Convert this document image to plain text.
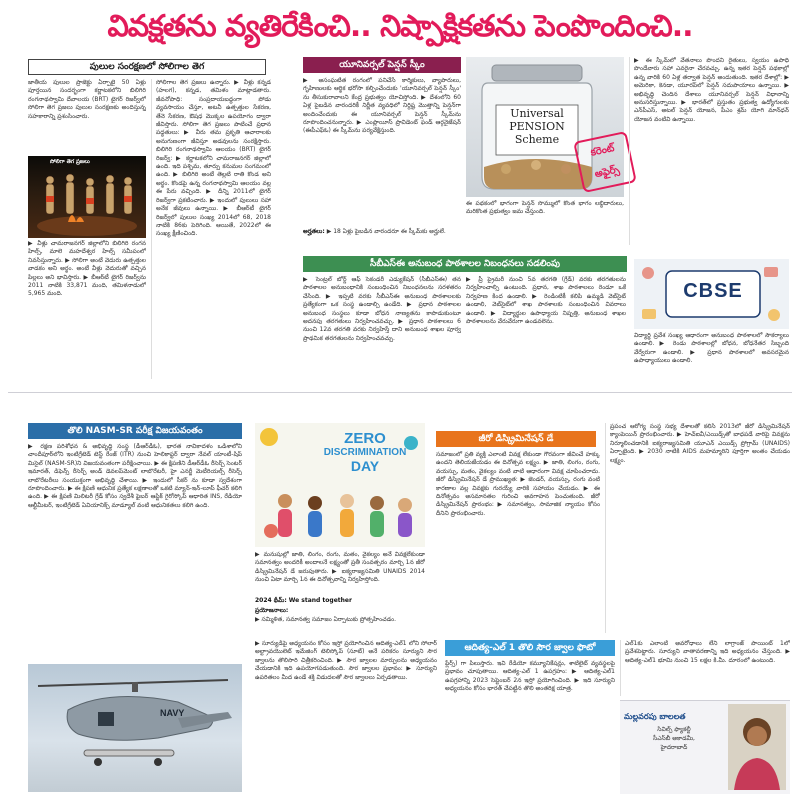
వివక్షతను వ్యతిరేకించి.. నిష్పాక్షికతను పెంపొందించి..
పులుల సంరక్షణలో సోలిగాల తెగ
జాతీయ పులుల ప్రాజెక్టు ఏర్పాటై 50 ఏళ్లు పూర్తయిన సందర్భంగా కర్ణాటకలోని బిలిగిరి రంగనాథస్వామి దేవాలయ (BRT) టైగర్ రిజర్వ్‌లో సోలిగా తెగ ప్రజలు పులుల సంరక్షణకు అందిస్తున్న సహకారాన్ని ప్రశంసించారు.
సోలిగా తెగ ప్రజలు
▶ వీళ్లు చామరాజనగర్ జిల్లాలోని బిలిగిరి రంగన హిల్స్, మాలె మహదేశ్వర హిల్స్ సమీపంలో నివసిస్తున్నారు. ▶ సోలిగా అంటే వెదురు ఉత్పత్తుల వాడకం అని అర్థం. అంటే వీళ్లు వెదురుతో వచ్చిన పిల్లలు అని భావిస్తారు. ▶ బీఆర్‌టీ టైగర్ రిజర్వ్‌ను 2011 నాటికి 33,871 మంది, తమిళనాడులో 5,965 మంది.
సోలిగాల తెగ ప్రజలు ఉన్నారు. ▶ వీళ్లు కన్నడ (హలగ), కన్నడ, తమిళం మాట్లాడతారు. జీవనోపాధి: సంప్రదాయబద్ధంగా పోడు వ్యవసాయం చేస్తూ, అటవీ ఉత్పత్తుల సేకరణ, తేనె సేకరణ, ఔషధ మొక్కల ఉపయోగం ద్వారా జీవిస్తారు. సోలిగా తెగ ప్రజలు పాటించే ప్రధాన పద్ధతులు: ▶ వీరు తమ ప్రకృతి ఆచారాలకు అనుగుణంగా జీవిస్తూ అడవులను సంరక్షిస్తారు. బిలిగిరి రంగనాథస్వామి ఆలయం (BRT) టైగర్ రిజర్వ్: ▶ కర్ణాటకలోని చామరాజనగర్ జిల్లాలో ఉంది. ఇది పశ్చిమ, తూర్పు కనుమల సంగమంలో ఉంది. ▶ బిలిగిరి అంటే తెల్లటి రాతి కొండ అని అర్థం. కొండపై ఉన్న రంగనాథస్వామి ఆలయం వల్ల ఈ పేరు వచ్చింది. ▶ దీన్ని 2011లో టైగర్ రిజర్వ్‌గా ప్రకటించారు. ▶ ఇందులో పులులు సహా అనేక జీవులు ఉన్నాయి. ▶ బీఆర్‌టీ టైగర్ రిజర్వ్‌లో పులుల సంఖ్య 2014లో 68, 2018 నాటికి 86కు పెరిగింది. ఆయితే, 2022లో ఈ సంఖ్య క్షీణించింది.
యూనివర్సల్ పెన్షన్ స్కీం
▶ అసంఘటిత రంగంలో పనిచేసే కార్మికులు, వ్యాపారులు, గృహిణులకు ఆర్థిక భరోసా కల్పించేందుకు 'యూనివర్సల్ పెన్షన్ స్కీం' ను తీసుకురావాలని కేంద్ర ప్రభుత్వం యోచిస్తోంది. ▶ దేశంలోని 60 ఏళ్ల పైబడిన వారందరికీ నిర్ణీత వ్యవధిలో నిర్దిష్ట మొత్తాన్ని పెన్షన్‌గా అందించేందుకు ఈ యూనివర్సల్ పెన్షన్ స్కీమ్‌ను రూపొందించనున్నారు. ▶ ఎంప్లాయీస్ ప్రావిడెంట్ ఫండ్ ఆర్గనైజేషన్ (ఈపీఎఫ్‌ఓ) ఈ స్కీమ్‌ను పర్యవేక్షిస్తుంది.
అర్హతలు: ▶ 18 ఏళ్లు పైబడిన వారందరూ ఈ స్కీమ్‌కు అర్హులే.
Universal PENSION Scheme
కరెంట్ అఫైర్స్
ఈ పథకంలో భాగంగా పెన్షన్ సొమ్ములో కొంత భాగం లబ్ధిదారులు, మరికొంత ప్రభుత్వం జమ చేస్తుంది.
▶ ఈ స్కీమ్‌లో వేతనాలు పొందని రైతులు, స్వయం ఉపాధి పొందేవారు సహా ఎవరైనా చేరవచ్చు. ఉన్న ఇతర పెన్షన్ పథకాల్లో ఉన్న వారికి 60 ఏళ్ల తర్వాత పెన్షన్ అందుతుంది. ఇతర దేశాల్లో: ▶ అమెరికా, కెనడా, యూరప్‌లో పెన్షన్ సదుపాయాలు ఉన్నాయి. ▶ అభివృద్ధి చెందిన దేశాలు యూనివర్సల్ పెన్షన్ విధానాన్ని అనుసరిస్తున్నాయి. ▶ భారత్‌లో ప్రస్తుతం ప్రభుత్వ ఉద్యోగులకు ఎన్‌పీఎస్, అటల్ పెన్షన్ యోజన, పీఎం శ్రమ్ యోగి మాన్‌ధన్ యోజన వంటివి ఉన్నాయి.
సీబీఎస్‌ఈ అనుబంధ పాఠశాలల నిబంధనలు సడలింపు
▶ సెంట్రల్ బోర్డ్ ఆఫ్ సెకండరీ ఎడ్యుకేషన్ (సీబీఎస్‌ఈ) తన పాఠశాలల అనుబంధానికి సంబంధించిన నిబంధనలను సరళతరం చేసింది. ▶ ఇప్పటి వరకు సీబీఎస్‌ఈ అనుబంధ పాఠశాలలకు ప్రత్యేకంగా ఒక సంస్థ ఉండాల్సి ఉండేది. ▶ ప్రధాన పాఠశాలల అనుబంధ సంస్థలు కూడా బోధన నాణ్యతను కాపాడుకుంటూ అదనపు తరగతులు నిర్వహించవచ్చు. ▶ ప్రధాన పాఠశాలలు 6 నుంచి 12వ తరగతి వరకు నిర్వహిస్తే దాని అనుబంధ శాఖల పూర్వ ప్రాథమిక తరగతులను నిర్వహించవచ్చు.
▶ ప్రీ ప్రైమరీ నుంచి 5వ తరగతి (గ్రేడ్) వరకు తరగతులను నిర్వహించాల్సి ఉంటుంది. ప్రధాన, శాఖ పాఠశాలలు రెండూ ఒకే నిర్వహణ కింద ఉండాలి. ▶ రెండింటికీ కలిపి ఉమ్మడి వెబ్‌సైట్ ఉండాలి, వెబ్‌సైట్‌లో శాఖ పాఠశాలకు సంబంధించిన వివరాలు ఉండాలి. ▶ విద్యార్థుల ఉపాధ్యాయ నిష్పత్తి, అనుబంధ శాఖల పాఠశాలలను వేరువేరుగా ఉండవలెను.
CBSE
విద్యార్థి ప్రవేశ సంఖ్య ఆధారంగా అనుబంధ పాఠశాలలో సౌకర్యాలు ఉండాలి. ▶ రెండు పాఠశాలల్లో బోధన, బోధనేతర సిబ్బంది వేర్వేరుగా ఉండాలి. ▶ ప్రధాన పాఠశాలలో అవసరమైన ఉపాధ్యాయులు ఉండాలి.
తొలి NASM-SR పరీక్ష విజయవంతం
▶ రక్షణ పరిశోధన & అభివృద్ధి సంస్థ (డీఆర్‌డీఓ), భారత నావికాదళం ఒడిశాలోని చాందీపూర్‌లోని ఇంటిగ్రేటెడ్ టెస్ట్ రేంజ్ (ITR) నుంచి హెలికాప్టర్ ద్వారా నేవల్ యాంటీ-షిప్ మిసైల్ (NASM-SR)ని విజయవంతంగా పరీక్షించాయి. ▶ ఈ క్షిపణిని డీఆర్‌డీఓ రీసెర్చ్ సెంటర్ ఇమారత్, డిఫెన్స్ రీసెర్చ్ అండ్ డెవలప్‌మెంట్ లాబొరేటరీ, హై ఎనర్జీ మెటీరియల్స్ రీసెర్చ్ లాబొరేటరీలు సంయుక్తంగా అభివృద్ధి చేశాయి. ▶ ఇందులో సీకర్ ను కూడా స్వదేశంగా రూపొందించారు. ▶ ఈ క్షిపణి ఆధునిక ప్రత్యేక లక్షణాలతో ఒకటి మ్యాన్-ఇన్-లూప్ ఫీచర్ కలిగి ఉంది. ▶ ఈ క్షిపణి మిలిటరీ గ్రేడ్ కోసం స్వదేశీ ఫైబర్ ఆప్టిక్ గైరోస్కోప్ ఆధారిత INS, రేడియో ఆల్టీమీటర్, ఇంటిగ్రేటెడ్ ఏవియానిక్స్ మాడ్యూల్ వంటి ఆధునికతలు కలిగి ఉంది.
NAVY
ZERO
DISCRIMINATION
DAY
▶ మనుషుల్లో జాతి, లింగం, రంగు, మతం, వైకల్యం అనే వివక్షలేకుండా సమానత్వం అందరికీ అందాలనే లక్ష్యంతో ప్రతీ సంవత్సరం మార్చి 1న జీరో డిస్క్రిమినేషన్ డే జరుపుతారు. ▶ ఐక్యరాజ్యసమితి UNAIDS 2014 నుంచి ఏటా మార్చి 1న ఈ దినోత్సవాన్ని నిర్వహిస్తోంది.
2024 థీమ్: We stand together
ప్రయోజనాలు:
▶ సమ్మిళిత, సమానత్వ సమాజం ఏర్పాటుకు ప్రోత్సహించడం.
జీరో డిస్క్రిమినేషన్ డే
సమాజంలో ప్రతి వ్యక్తి ఎలాంటి వివక్ష లేకుండా గౌరవంగా జీవించే హక్కు ఉందని తెలియజేయడం ఈ దినోత్సవ లక్ష్యం. ▶ జాతి, లింగం, రంగు, వయస్సు, మతం, వైకల్యం వంటి వాటి ఆధారంగా వివక్ష చూపించరాదు. జీరో డిస్క్రిమినేషన్ డే ప్రాముఖ్యత: ▶ జెండర్, వయస్సు, రంగు వంటి కారణాల వల్ల వివక్షకు గురయ్యే వారికి సహాయం చేయడం. ▶ ఈ దినోత్సవం అసమానతల గురించి అవగాహన పెంచుతుంది. జీరో డిస్క్రిమినేషన్ ప్రారంభం: ▶ సమానత్వం, సామాజిక న్యాయం కోసం దీనిని ప్రారంభించారు.
ప్రపంచ ఆరోగ్య సంస్థ సభ్య దేశాలతో కలిసి 2013లో జీరో డిస్క్రిమినేషన్ క్యాంపెయిన్ ప్రారంభించారు. ▶ హెచ్‌ఐవీ/ఎయిడ్స్‌తో బాధపడే వారిపై వివక్షను నిర్మూలించడానికి ఐక్యరాజ్యసమితి యూఎన్ ఎయిడ్స్ ప్రోగ్రామ్ (UNAIDS) ఏర్పాటైంది. ▶ 2030 నాటికి AIDS మహమ్మారిని పూర్తిగా అంతం చేయడం లక్ష్యం.
ఆదిత్య-ఎల్ 1 తొలి సౌర జ్వాల ఫొటో
▶ సూర్యుడిపై అధ్యయనం కోసం ఇస్రో ప్రయోగించిన ఆదిత్య-ఎల్1 లోని సోలార్ అల్ట్రావయొలెట్ ఇమేజింగ్ టెలిస్కోప్ (సూట్) అనే పరికరం సూర్యుని సౌర జ్వాలను తొలిసారి చిత్రీకరించింది. ▶ సౌర జ్వాలల మార్పులను అధ్యయనం చేయడానికి ఇది ఉపయోగపడుతుంది. సౌర జ్వాలల ప్రభావం: ▶ సూర్యుని ఉపరితలం మీద ఉండే శక్తి విడుదలతో సౌర జ్వాలలు ఏర్పడతాయి.
ఫ్లేర్స్) గా పిలుస్తారు. ఇవి రేడియో కమ్యూనికేషన్లు, శాటిలైట్ వ్యవస్థలపై ప్రభావం చూపుతాయి. ఆదిత్య-ఎల్ 1 ఉపగ్రహం: ▶ ఆదిత్య-ఎల్1 ఉపగ్రహాన్ని 2023 సెప్టెంబర్ 2న ఇస్రో ప్రయోగించింది. ▶ ఇది సూర్యుని అధ్యయనం కోసం భారత్ చేపట్టిన తొలి అంతరిక్ష యాత్ర.
ఎల్1కు ఎలాంటి అవరోధాలు లేని లాగ్రాంజ్ పాయింట్ 1లో ప్రవేశపెట్టారు. సూర్యుని వాతావరణాన్ని ఇది అధ్యయనం చేస్తుంది. ▶ ఆదిత్య-ఎల్1 భూమి నుంచి 15 లక్షల కి.మీ. దూరంలో ఉంటుంది.
మల్లవరపు బాలలత
సివిల్స్ ఫ్యాకల్టీ
సీఎస్‌బీ అకాడమీ,
హైదరాబాద్
